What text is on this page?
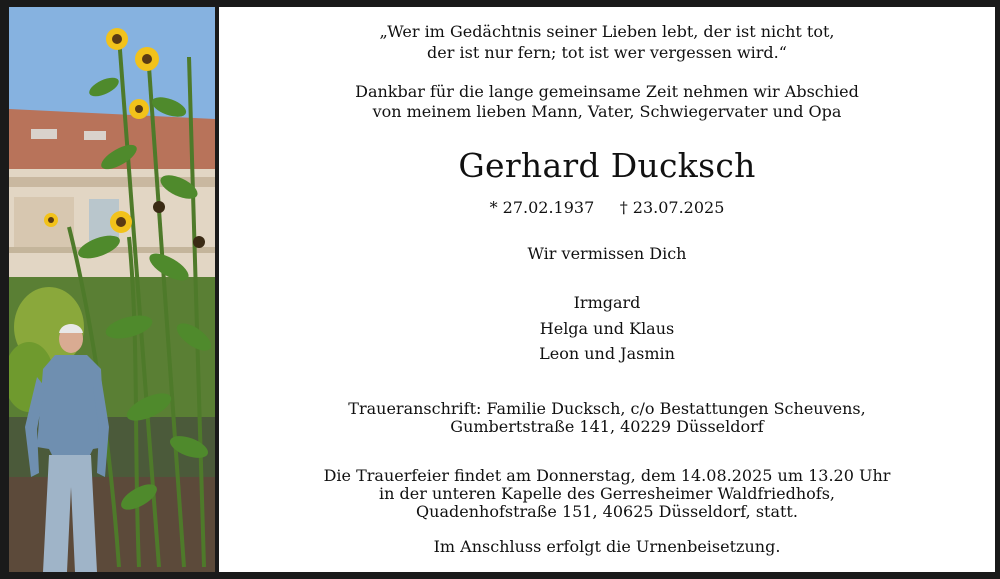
„Wer im Gedächtnis seiner Lieben lebt, der ist nicht tot,
der ist nur fern; tot ist wer vergessen wird.“
Dankbar für die lange gemeinsame Zeit nehmen wir Abschied
von meinem lieben Mann, Vater, Schwiegervater und Opa
Gerhard Ducksch
* 27.02.1937     † 23.07.2025
Wir vermissen Dich
Irmgard
Helga und Klaus
Leon und Jasmin
Traueranschrift: Familie Ducksch, c/o Bestattungen Scheuvens,
Gumbertstraße 141, 40229 Düsseldorf
Die Trauerfeier findet am Donnerstag, dem 14.08.2025 um 13.20 Uhr
in der unteren Kapelle des Gerresheimer Waldfriedhofs,
Quadenhofstraße 151, 40625 Düsseldorf, statt.
Im Anschluss erfolgt die Urnenbeisetzung.
